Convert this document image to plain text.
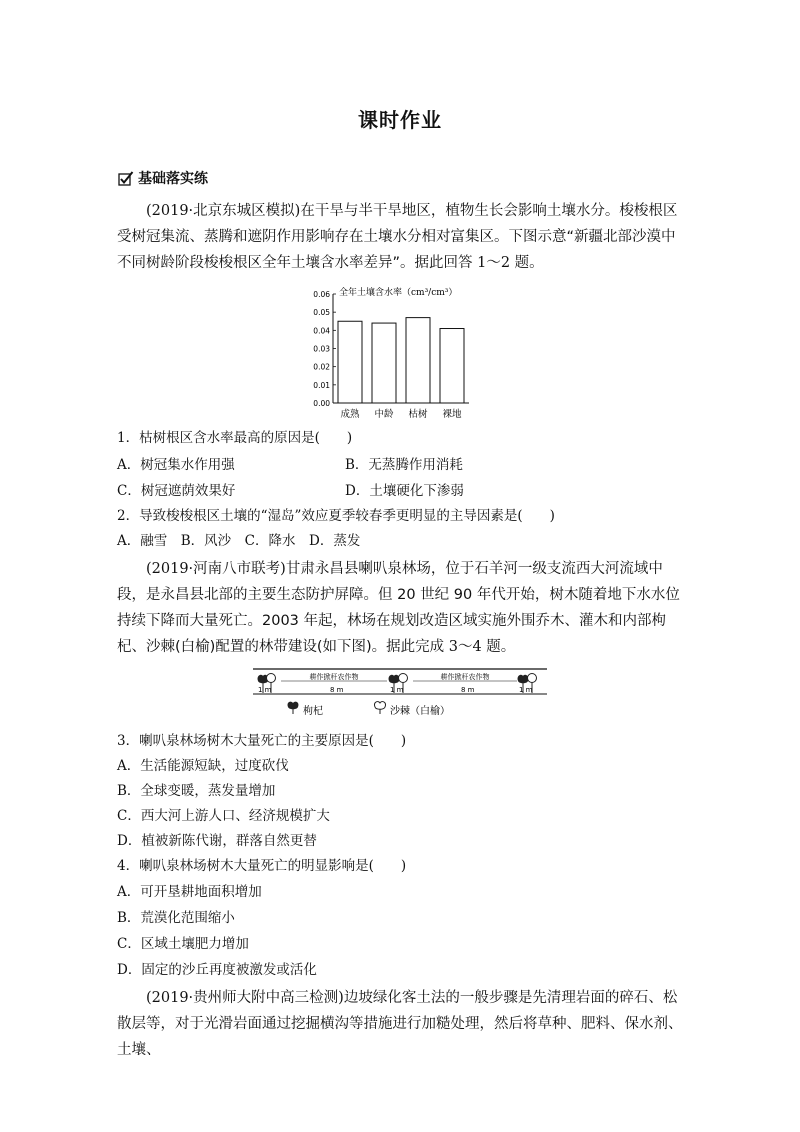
课时作业
基础落实练

(2019·北京东城区模拟)在干旱与半干旱地区，植物生长会影响土壤水分。梭梭根区受树冠集流、蒸腾和遮阴作用影响存在土壤水分相对富集区。下图示意“新疆北部沙漠中不同树龄阶段梭梭根区全年土壤含水率差异”。据此回答 1～2 题。

0.00
0.01
0.02
0.03
0.04
0.05
0.06 全年土壤含水率（cm³/cm³）
成熟 中龄 枯树 裸地
1．枯树根区含水率最高的原因是(　　)
A．树冠集水作用强	B．无蒸腾作用消耗
C．树冠遮荫效果好	D．土壤硬化下渗弱
2．导致梭梭根区土壤的“湿岛”效应夏季较春季更明显的主导因素是(　　)
A．融雪　B．风沙　C．降水　D．蒸发

(2019·河南八市联考)甘肃永昌县喇叭泉林场，位于石羊河一级支流西大河流域中段，是永昌县北部的主要生态防护屏障。但 20 世纪 90 年代开始，树木随着地下水水位持续下降而大量死亡。2003 年起，林场在规划改造区域实施外围乔木、灌木和内部枸杞、沙棘(白榆)配置的林带建设(如下图)。据此完成 3～4 题。

耕作掀秆农作物	耕作掀秆农作物
1 m	8 m	1 m	8 m	1 m
枸杞	沙棘（白榆）
3．喇叭泉林场树木大量死亡的主要原因是(　　)
A．生活能源短缺，过度砍伐
B．全球变暖，蒸发量增加
C．西大河上游人口、经济规模扩大
D．植被新陈代谢，群落自然更替
4．喇叭泉林场树木大量死亡的明显影响是(　　)
A．可开垦耕地面积增加
B．荒漠化范围缩小
C．区域土壤肥力增加
D．固定的沙丘再度被激发或活化

(2019·贵州师大附中高三检测)边坡绿化客土法的一般步骤是先清理岩面的碎石、松散层等，对于光滑岩面通过挖掘横沟等措施进行加糙处理，然后将草种、肥料、保水剂、土壤、
